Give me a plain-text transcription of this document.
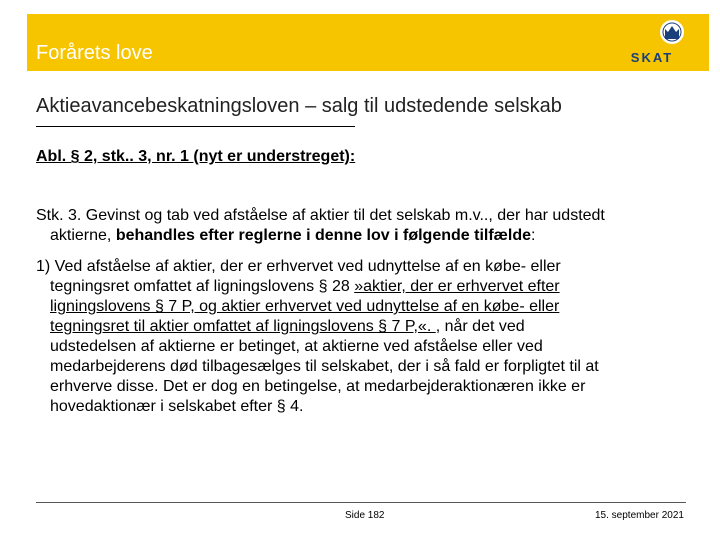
Forårets love	SKAT
Aktieavancebeskatningsloven – salg til udstedende selskab
Abl. § 2, stk.. 3, nr. 1 (nyt er understreget):
Stk. 3. Gevinst og tab ved afståelse af aktier til det selskab m.v.., der har udstedt
aktierne, behandles efter reglerne i denne lov i følgende tilfælde:
1) Ved afståelse af aktier, der er erhvervet ved udnyttelse af en købe- eller
tegningsret omfattet af ligningslovens § 28 »aktier, der er erhvervet efter
ligningslovens § 7 P, og aktier erhvervet ved udnyttelse af en købe- eller
tegningsret til aktier omfattet af ligningslovens § 7 P,«. , når det ved
udstedelsen af aktierne er betinget, at aktierne ved afståelse eller ved
medarbejderens død tilbagesælges til selskabet, der i så fald er forpligtet til at
erhverve disse. Det er dog en betingelse, at medarbejderaktionæren ikke er
hovedaktionær i selskabet efter § 4.
Side 182	15. september 2021
